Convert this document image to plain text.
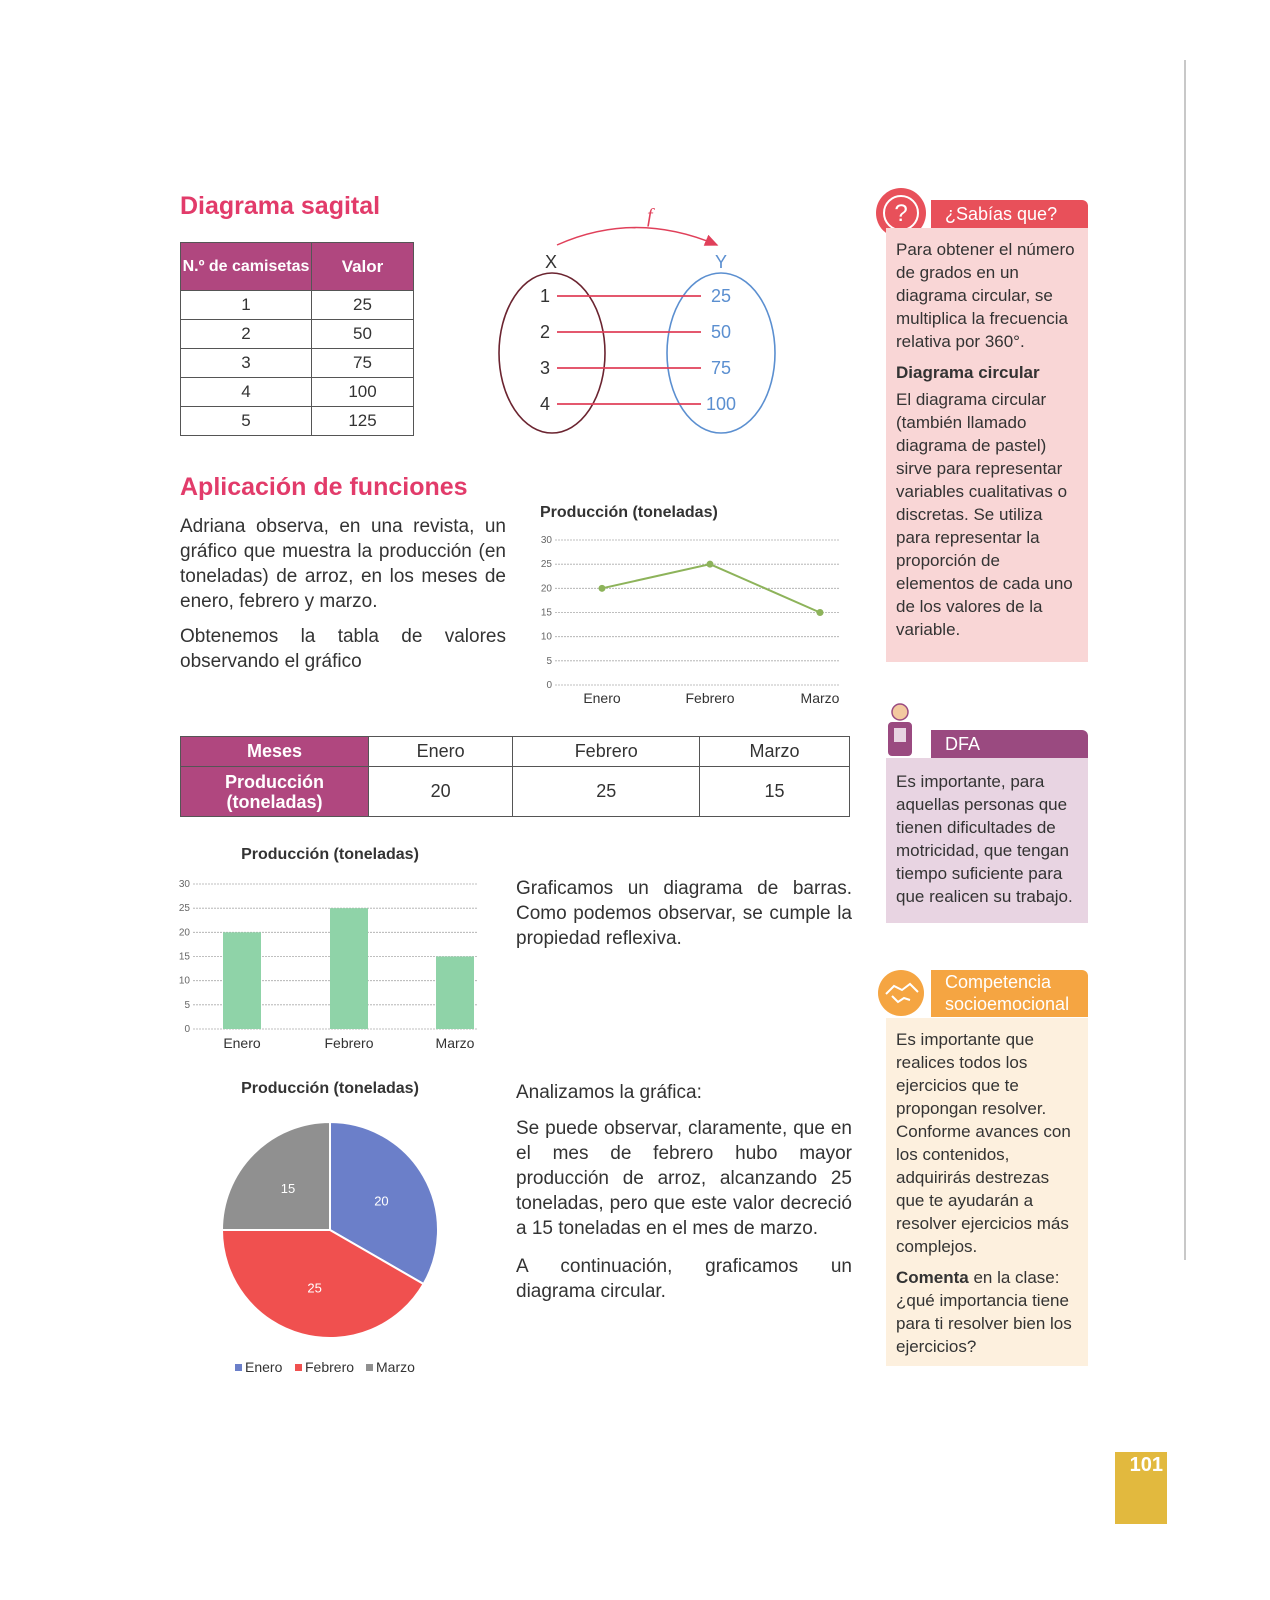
Diagrama sagital
N.º de camisetas	Valor
1	25
2	50
3	75
4	100
5	125
f
X	Y
1	25
2	50
3	75
4	100
Aplicación de funciones
Adriana observa, en una revista, un gráfico que muestra la producción (en toneladas) de arroz, en los meses de enero, febrero y marzo.
Obtenemos la tabla de valores observando el gráfico
Producción (toneladas)
0
5
10
15
20
25
30
Enero	Febrero	Marzo
Meses	Enero	Febrero	Marzo
Producción (toneladas)	20	25	15
Producción (toneladas)
0
5
10
15
20
25
30
Enero	Febrero	Marzo
Graficamos un diagrama de barras. Como podemos observar, se cumple la propiedad reflexiva.
Producción (toneladas)
20
25
15
Enero Febrero Marzo
Analizamos la gráfica:
Se puede observar, claramente, que en el mes de febrero hubo mayor producción de arroz, alcanzando 25 toneladas, pero que este valor decreció a 15 toneladas en el mes de marzo.
A continuación, graficamos un diagrama circular.
¿Sabías que?
?

Para obtener el número de grados en un diagrama circular, se multiplica la frecuencia relativa por 360°.

Diagrama circular

El diagrama circular (también llamado diagrama de pastel) sirve para representar variables cualitativas o discretas. Se utiliza para representar la proporción de elementos de cada uno de los valores de la variable.

DFA

Es importante, para aquellas personas que tienen dificultades de motricidad, que tengan tiempo suficiente para que realicen su trabajo.

Competencia socioemocional

Es importante que realices todos los ejercicios que te propongan resolver. Conforme avances con los contenidos, adquirirás destrezas que te ayudarán a resolver ejercicios más complejos.

Comenta en la clase: ¿qué importancia tiene para ti resolver bien los ejercicios?

101
